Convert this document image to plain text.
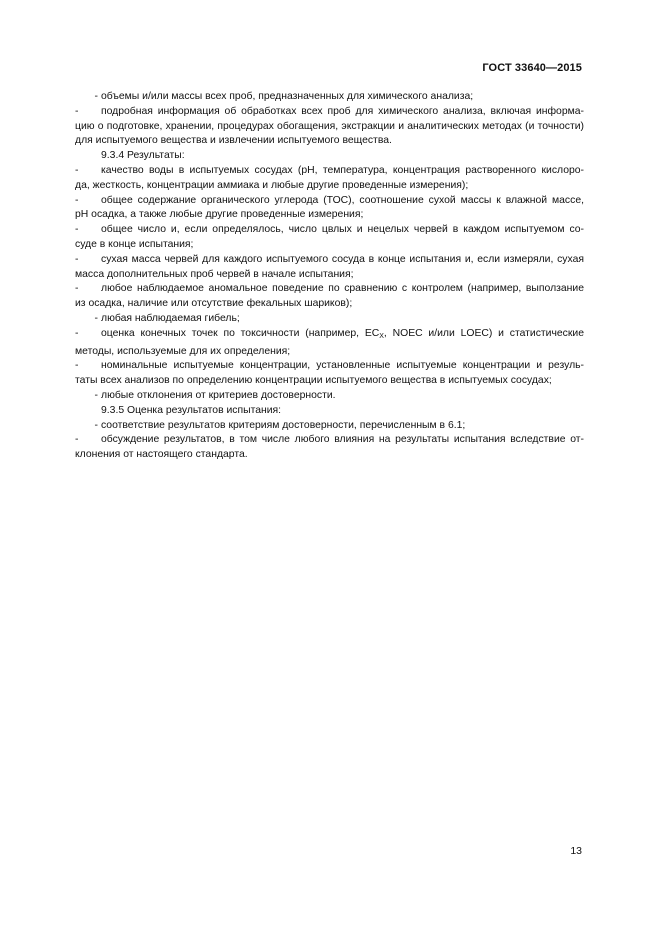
ГОСТ 33640—2015
- объемы и/или массы всех проб, предназначенных для химического анализа;
- подробная информация об обработках всех проб для химического анализа, включая информа-
цию о подготовке, хранении, процедурах обогащения, экстракции и аналитических методах (и точности)
для испытуемого вещества и извлечении испытуемого вещества.
9.3.4 Результаты:
- качество воды в испытуемых сосудах (рН, температура, концентрация растворенного кислоро-
да, жесткость, концентрации аммиака и любые другие проведенные измерения);
- общее содержание органического углерода (ТОС), соотношение сухой массы к влажной массе,
рН осадка, а также любые другие проведенные измерения;
- общее число и, если определялось, число цвлых и нецелых червей в каждом испытуемом со-
суде в конце испытания;
- сухая масса червей для каждого испытуемого сосуда в конце испытания и, если измеряли, сухая
масса дополнительных проб червей в начале испытания;
- любое наблюдаемое аномальное поведение по сравнению с контролем (например, выползание
из осадка, наличие или отсутствие фекальных шариков);
- любая наблюдаемая гибель;
- оценка конечных точек по токсичности (например, $EC_X$, NOEC и/или LOEC) и статистические
методы, используемые для их определения;
- номинальные испытуемые концентрации, установленные испытуемые концентрации и резуль-
таты всех анализов по определению концентрации испытуемого вещества в испытуемых сосудах;
- любые отклонения от критериев достоверности.
9.3.5 Оценка результатов испытания:
- соответствие результатов критериям достоверности, перечисленным в 6.1;
- обсуждение результатов, в том числе любого влияния на результаты испытания вследствие от-
клонения от настоящего стандарта.
13
